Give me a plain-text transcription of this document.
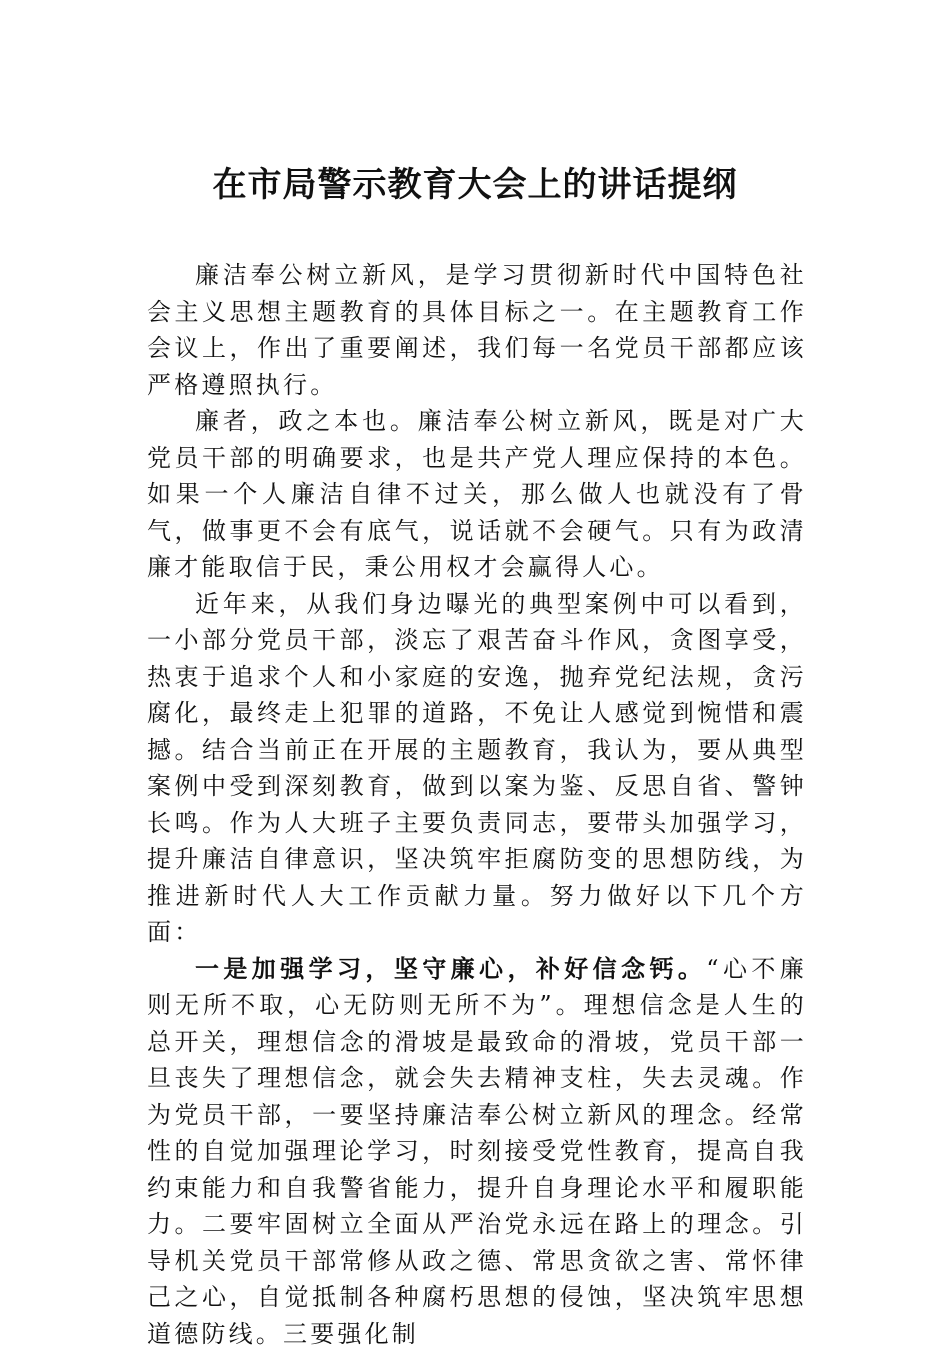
在市局警示教育大会上的讲话提纲

廉洁奉公树立新风，是学习贯彻新时代中国特色社会主义思想主题教育的具体目标之一。在主题教育工作会议上，作出了重要阐述，我们每一名党员干部都应该严格遵照执行。

廉者，政之本也。廉洁奉公树立新风，既是对广大党员干部的明确要求，也是共产党人理应保持的本色。如果一个人廉洁自律不过关，那么做人也就没有了骨气，做事更不会有底气，说话就不会硬气。只有为政清廉才能取信于民，秉公用权才会赢得人心。

近年来，从我们身边曝光的典型案例中可以看到，一小部分党员干部，淡忘了艰苦奋斗作风，贪图享受，热衷于追求个人和小家庭的安逸，抛弃党纪法规，贪污腐化，最终走上犯罪的道路，不免让人感觉到惋惜和震撼。结合当前正在开展的主题教育，我认为，要从典型案例中受到深刻教育，做到以案为鉴、反思自省、警钟长鸣。作为人大班子主要负责同志，要带头加强学习，提升廉洁自律意识，坚决筑牢拒腐防变的思想防线，为推进新时代人大工作贡献力量。努力做好以下几个方面：

一是加强学习，坚守廉心，补好信念钙。“心不廉则无所不取，心无防则无所不为”。理想信念是人生的总开关，理想信念的滑坡是最致命的滑坡，党员干部一旦丧失了理想信念，就会失去精神支柱，失去灵魂。作为党员干部，一要坚持廉洁奉公树立新风的理念。经常性的自觉加强理论学习，时刻接受党性教育，提高自我约束能力和自我警省能力，提升自身理论水平和履职能力。二要牢固树立全面从严治党永远在路上的理念。引导机关党员干部常修从政之德、常思贪欲之害、常怀律己之心，自觉抵制各种腐朽思想的侵蚀，坚决筑牢思想道德防线。三要强化制
